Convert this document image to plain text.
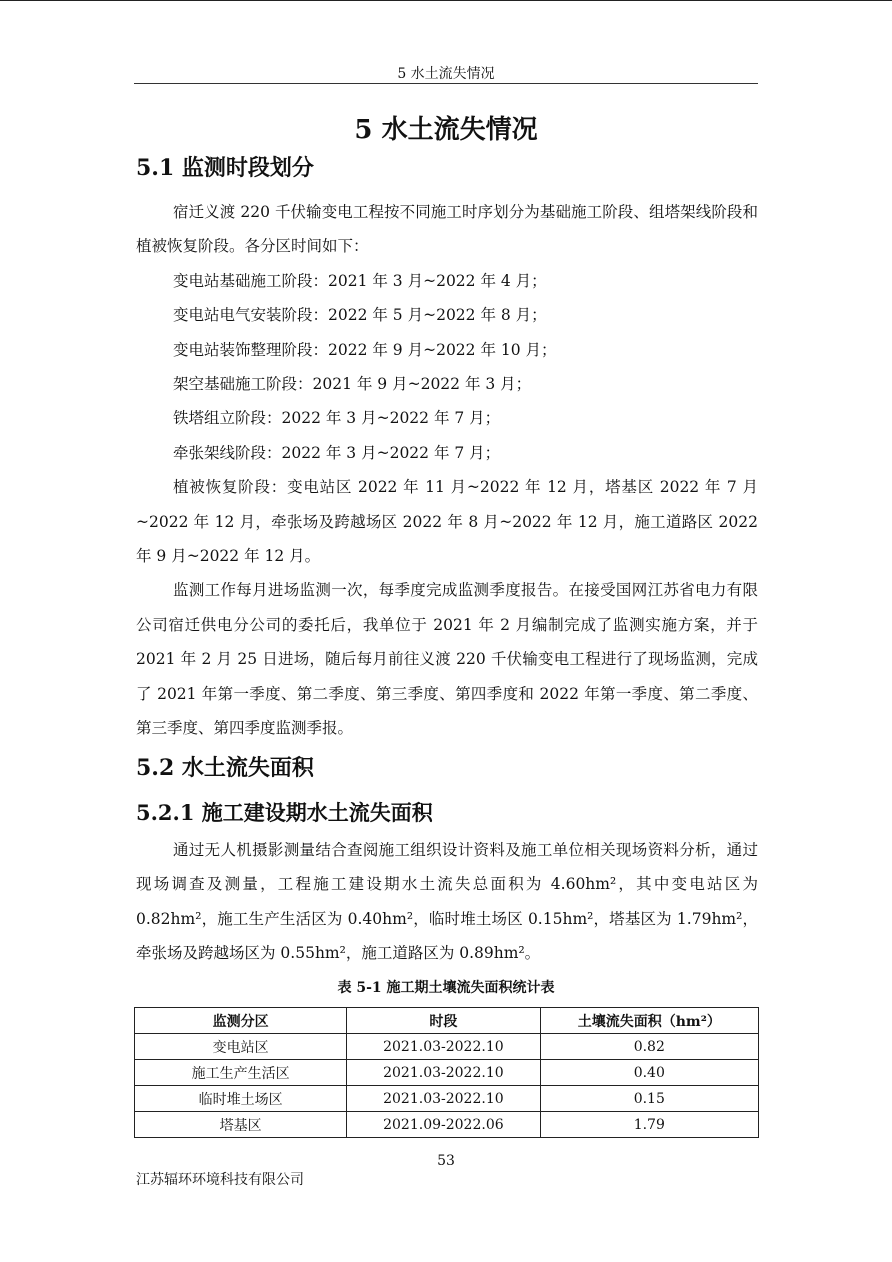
5 水土流失情况
5 水土流失情况
5.1 监测时段划分

宿迁义渡 220 千伏输变电工程按不同施工时序划分为基础施工阶段、组塔架线阶段和植被恢复阶段。各分区时间如下：

变电站基础施工阶段：2021 年 3 月~2022 年 4 月；

变电站电气安装阶段：2022 年 5 月~2022 年 8 月；

变电站装饰整理阶段：2022 年 9 月~2022 年 10 月；

架空基础施工阶段：2021 年 9 月~2022 年 3 月；

铁塔组立阶段：2022 年 3 月~2022 年 7 月；

牵张架线阶段：2022 年 3 月~2022 年 7 月；

植被恢复阶段：变电站区 2022 年 11 月~2022 年 12 月，塔基区 2022 年 7 月~2022 年 12 月，牵张场及跨越场区 2022 年 8 月~2022 年 12 月，施工道路区 2022 年 9 月~2022 年 12 月。

监测工作每月进场监测一次，每季度完成监测季度报告。在接受国网江苏省电力有限公司宿迁供电分公司的委托后，我单位于 2021 年 2 月编制完成了监测实施方案，并于 2021 年 2 月 25 日进场，随后每月前往义渡 220 千伏输变电工程进行了现场监测，完成了 2021 年第一季度、第二季度、第三季度、第四季度和 2022 年第一季度、第二季度、第三季度、第四季度监测季报。

5.2 水土流失面积
5.2.1 施工建设期水土流失面积

通过无人机摄影测量结合查阅施工组织设计资料及施工单位相关现场资料分析，通过现场调查及测量，工程施工建设期水土流失总面积为 4.60hm²，其中变电站区为 0.82hm²，施工生产生活区为 0.40hm²，临时堆土场区 0.15hm²，塔基区为 1.79hm²，牵张场及跨越场区为 0.55hm²，施工道路区为 0.89hm²。

表 5-1 施工期土壤流失面积统计表
监测分区	时段	土壤流失面积（hm²）
变电站区	2021.03-2022.10	0.82
施工生产生活区	2021.03-2022.10	0.40
临时堆土场区	2021.03-2022.10	0.15
塔基区	2021.09-2022.06	1.79
53
江苏辐环环境科技有限公司
